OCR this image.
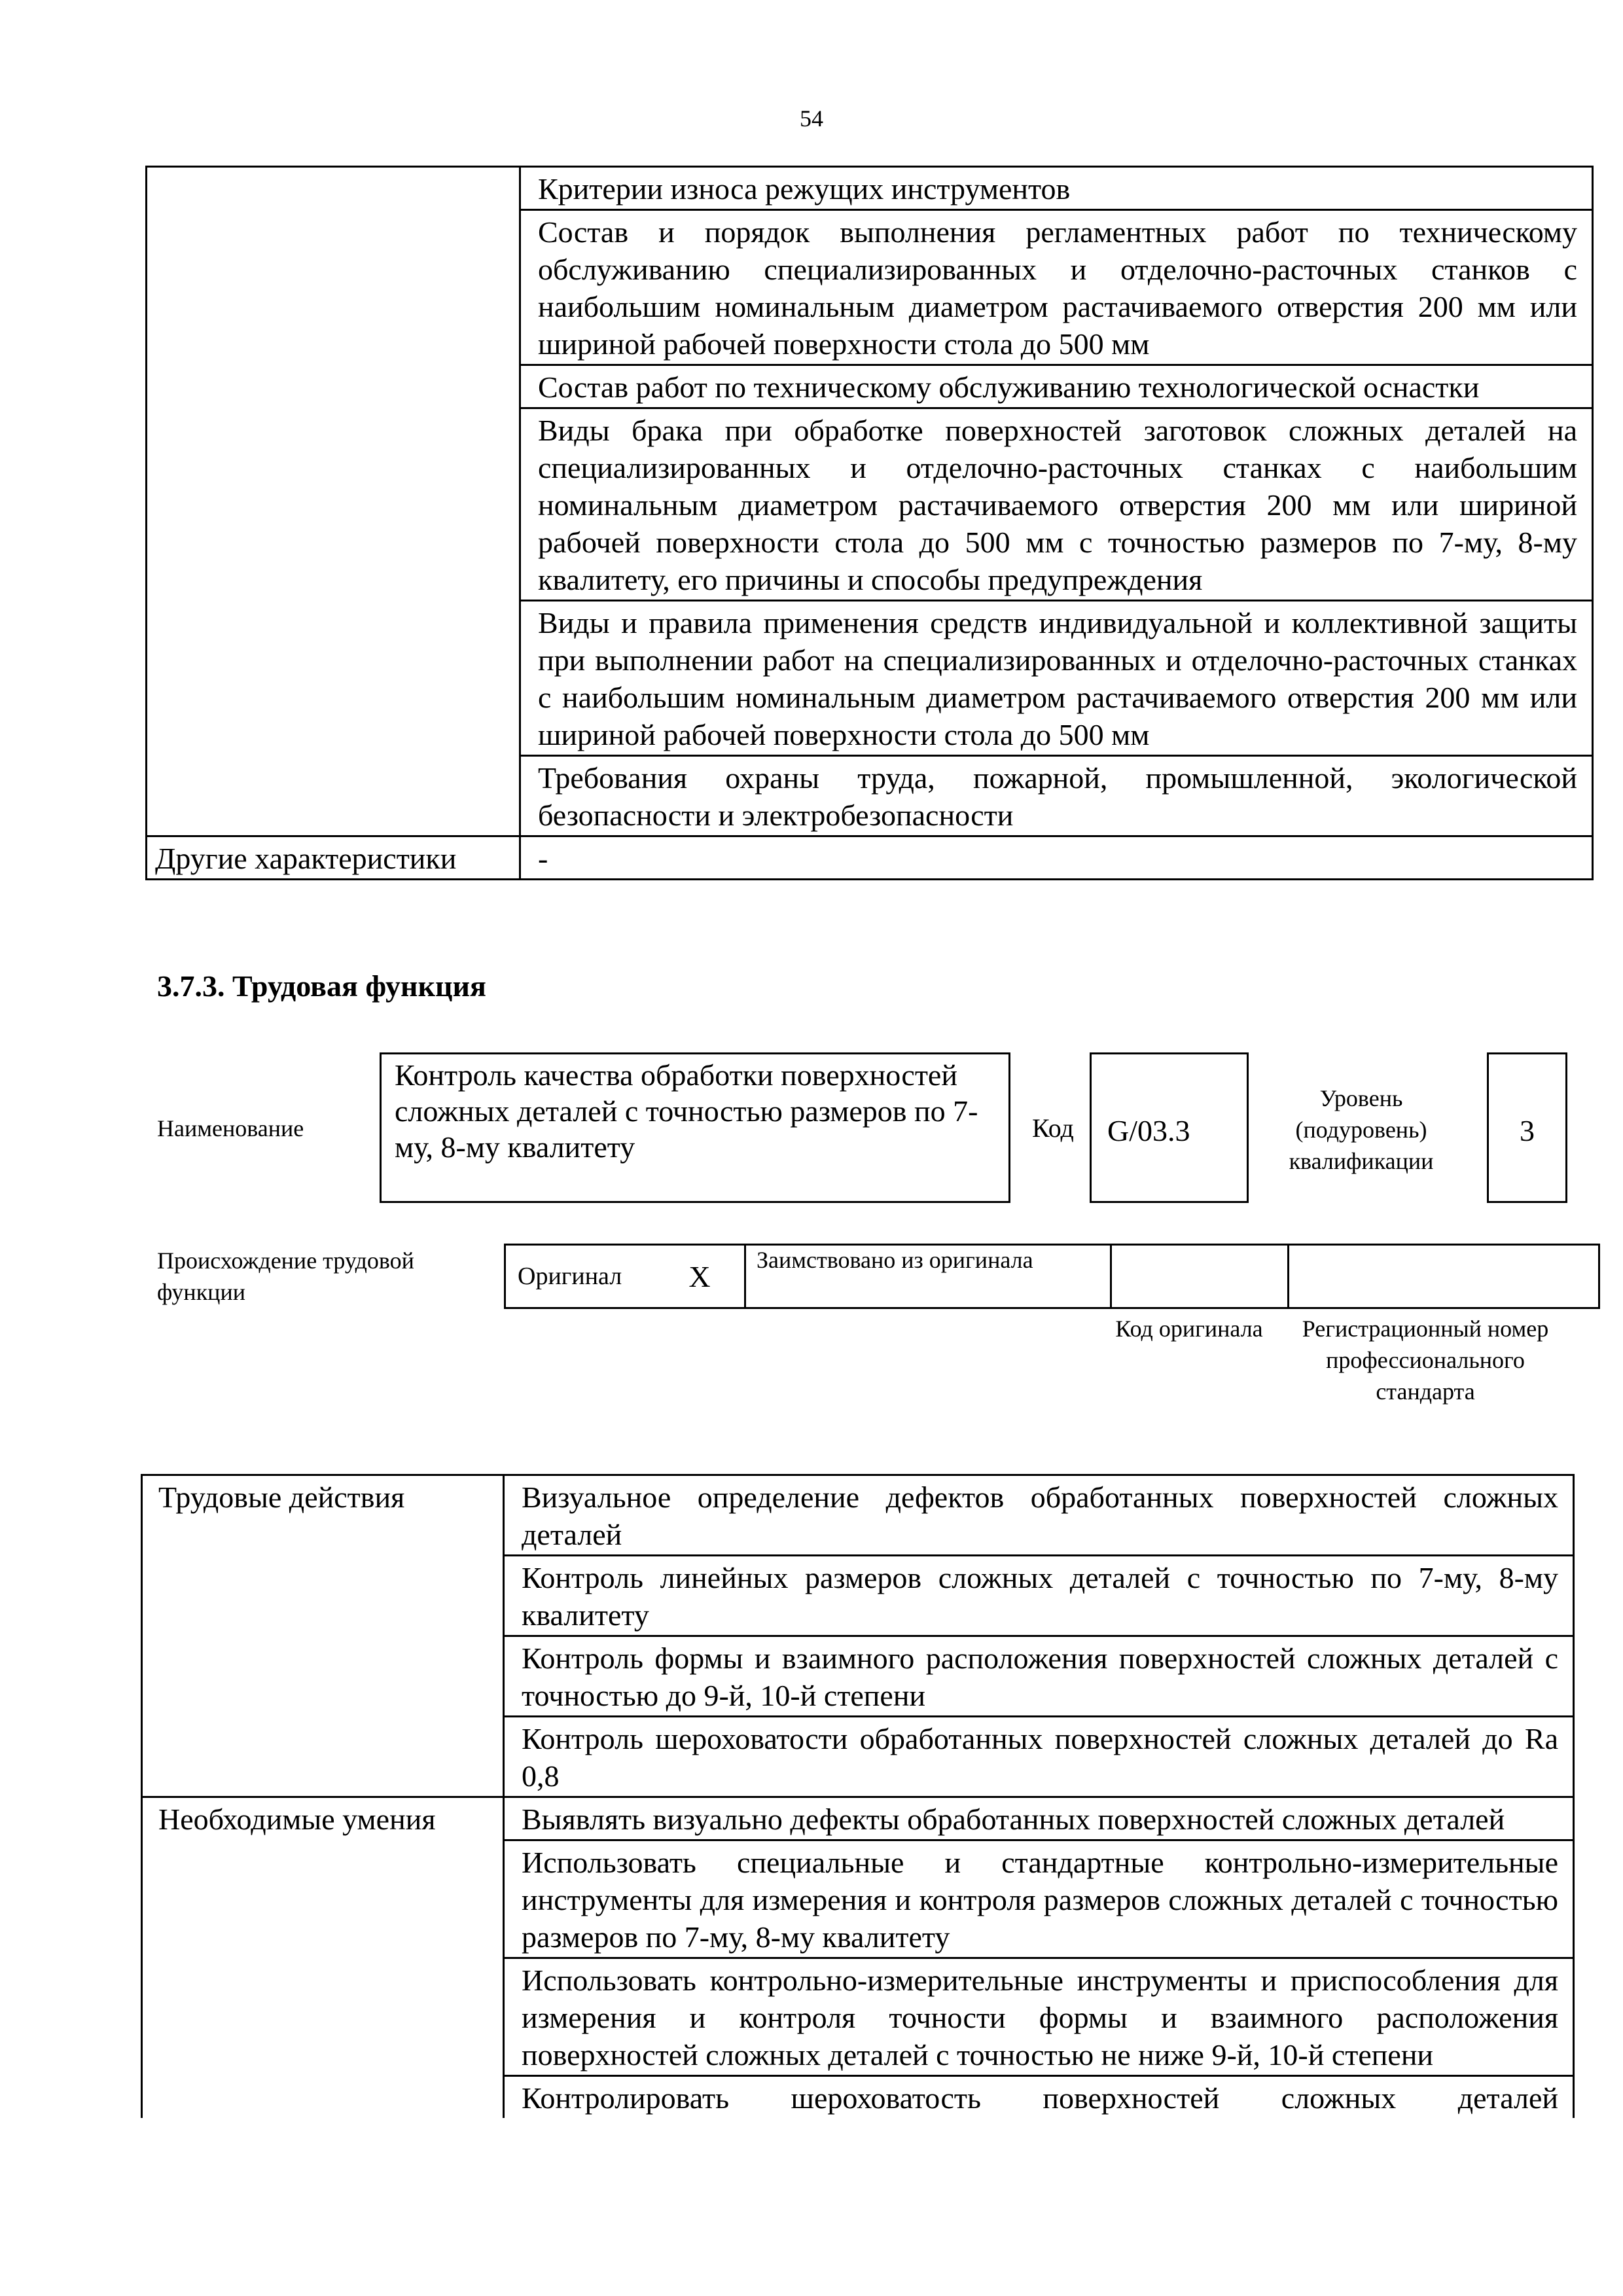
54

	Критерии износа режущих инструментов

	Состав и порядок выполнения регламентных работ по техническому обслуживанию специализированных и отделочно-расточных станков с наибольшим номинальным диаметром растачиваемого отверстия 200 мм или шириной рабочей поверхности стола до 500 мм

	Состав работ по техническому обслуживанию технологической оснастки

	Виды брака при обработке поверхностей заготовок сложных деталей на специализированных и отделочно-расточных станках с наибольшим номинальным диаметром растачиваемого отверстия 200 мм или шириной рабочей поверхности стола до 500 мм с точностью размеров по 7-му, 8-му квалитету, его причины и способы предупреждения

	Виды и правила применения средств индивидуальной и коллективной защиты при выполнении работ на специализированных и отделочно-расточных станках с наибольшим номинальным диаметром растачиваемого отверстия 200 мм или шириной рабочей поверхности стола до 500 мм

	Требования охраны труда, пожарной, промышленной, экологической безопасности и электробезопасности

Другие характеристики	-
3.7.3. Трудовая функция
Наименование
Контроль качества обработки поверхностей сложных деталей с точностью размеров по 7-му, 8-му квалитету
Код	G/03.3
Уровень (подуровень) квалификации
3
Происхождение трудовой функции
Оригинал	X	Заимствовано из оригинала		
Код оригинала	Регистрационный номер профессионального стандарта
Трудовые действия	Визуальное определение дефектов обработанных поверхностей сложных деталей

	Контроль линейных размеров сложных деталей с точностью по 7-му, 8-му квалитету

	Контроль формы и взаимного расположения поверхностей сложных деталей с точностью до 9-й, 10-й степени

	Контроль шероховатости обработанных поверхностей сложных деталей до Ra 0,8

Необходимые умения	Выявлять визуально дефекты обработанных поверхностей сложных деталей

	Использовать специальные и стандартные контрольно-измерительные инструменты для измерения и контроля размеров сложных деталей с точностью размеров по 7-му, 8-му квалитету

	Использовать контрольно-измерительные инструменты и приспособления для измерения и контроля точности формы и взаимного расположения поверхностей сложных деталей с точностью не ниже 9-й, 10-й степени

	Контролировать шероховатость поверхностей сложных деталей
